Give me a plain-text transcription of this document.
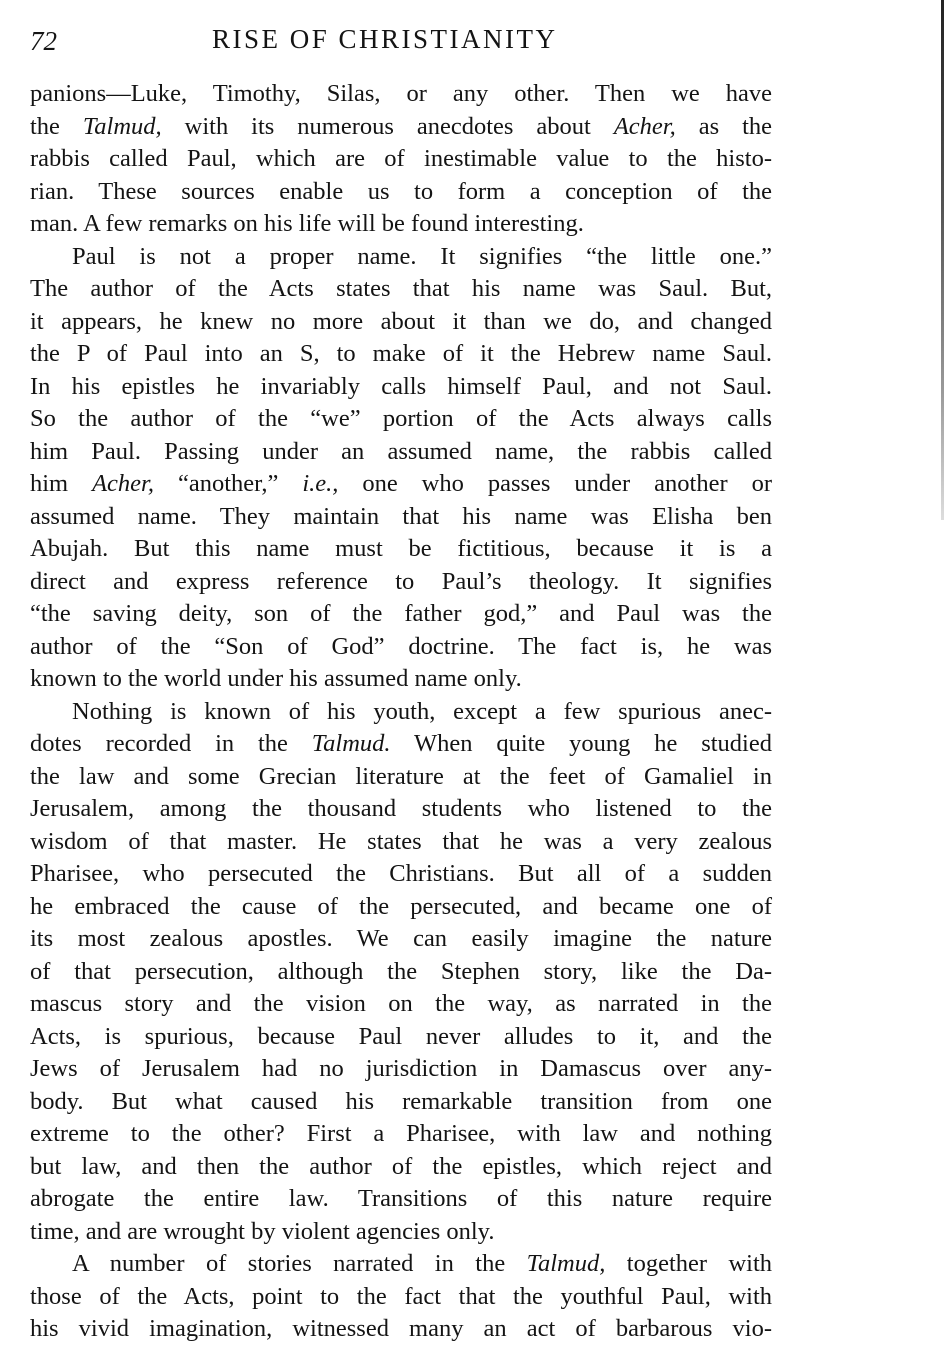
72	RISE OF CHRISTIANITY
panions—Luke, Timothy, Silas, or any other. Then we have
the Talmud, with its numerous anecdotes about Acher, as the
rabbis called Paul, which are of inestimable value to the histo-
rian. These sources enable us to form a conception of the
man. A few remarks on his life will be found interesting.
Paul is not a proper name. It signifies “the little one.”
The author of the Acts states that his name was Saul. But,
it appears, he knew no more about it than we do, and changed
the P of Paul into an S, to make of it the Hebrew name Saul.
In his epistles he invariably calls himself Paul, and not Saul.
So the author of the “we” portion of the Acts always calls
him Paul. Passing under an assumed name, the rabbis called
him Acher, “another,” i.e., one who passes under another or
assumed name. They maintain that his name was Elisha ben
Abujah. But this name must be fictitious, because it is a
direct and express reference to Paul’s theology. It signifies
“the saving deity, son of the father god,” and Paul was the
author of the “Son of God” doctrine. The fact is, he was
known to the world under his assumed name only.
Nothing is known of his youth, except a few spurious anec-
dotes recorded in the Talmud. When quite young he studied
the law and some Grecian literature at the feet of Gamaliel in
Jerusalem, among the thousand students who listened to the
wisdom of that master. He states that he was a very zealous
Pharisee, who persecuted the Christians. But all of a sudden
he embraced the cause of the persecuted, and became one of
its most zealous apostles. We can easily imagine the nature
of that persecution, although the Stephen story, like the Da-
mascus story and the vision on the way, as narrated in the
Acts, is spurious, because Paul never alludes to it, and the
Jews of Jerusalem had no jurisdiction in Damascus over any-
body. But what caused his remarkable transition from one
extreme to the other? First a Pharisee, with law and nothing
but law, and then the author of the epistles, which reject and
abrogate the entire law. Transitions of this nature require
time, and are wrought by violent agencies only.
A number of stories narrated in the Talmud, together with
those of the Acts, point to the fact that the youthful Paul, with
his vivid imagination, witnessed many an act of barbarous vio-
